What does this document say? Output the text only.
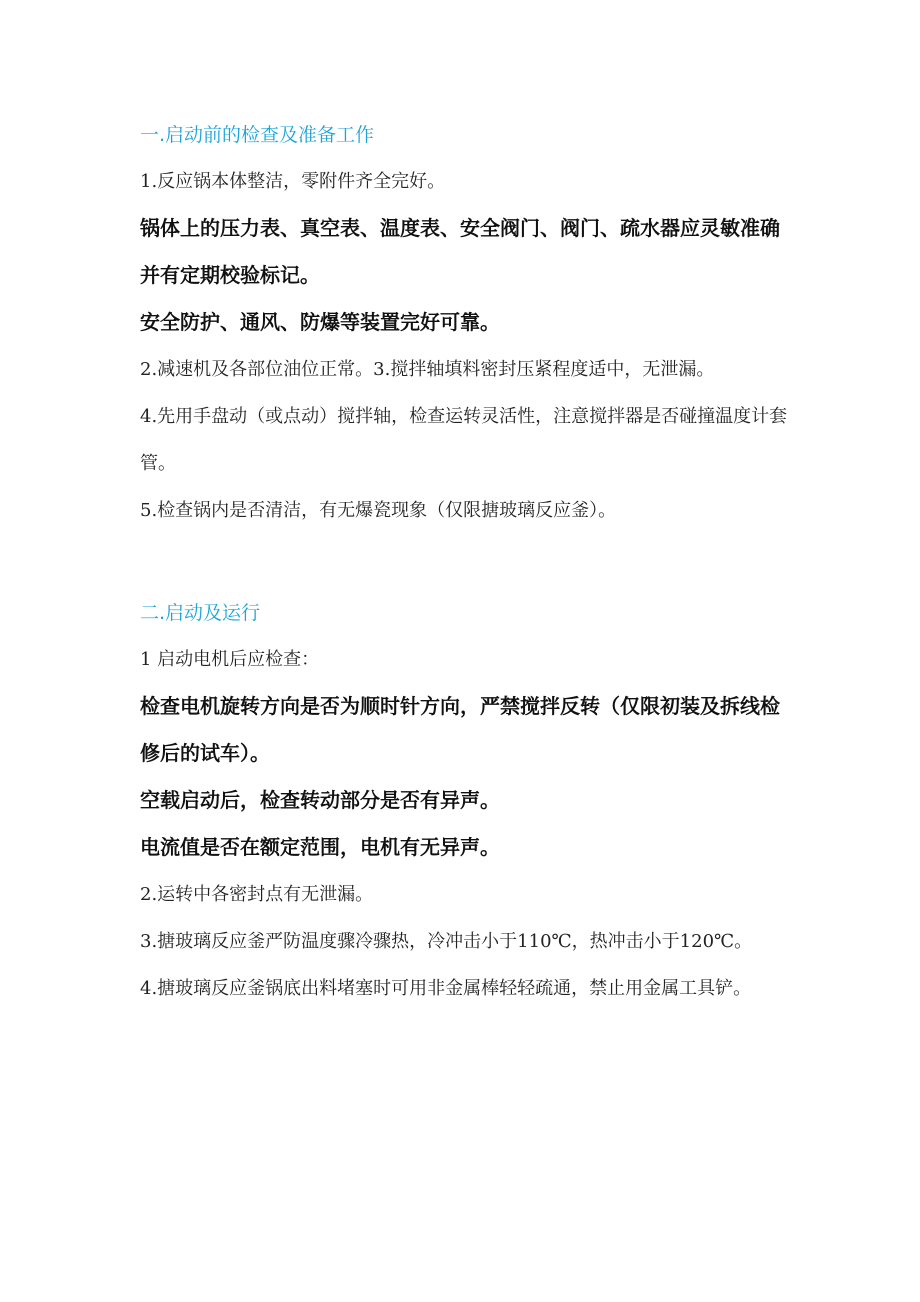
一.启动前的检查及准备工作
1.反应锅本体整洁，零附件齐全完好。
锅体上的压力表、真空表、温度表、安全阀门、阀门、疏水器应灵敏准确并有定期校验标记。
安全防护、通风、防爆等装置完好可靠。
2.减速机及各部位油位正常。3.搅拌轴填料密封压紧程度适中，无泄漏。
4.先用手盘动（或点动）搅拌轴，检查运转灵活性，注意搅拌器是否碰撞温度计套管。
5.检查锅内是否清洁，有无爆瓷现象（仅限搪玻璃反应釜）。
二.启动及运行
1 启动电机后应检查：
检查电机旋转方向是否为顺时针方向，严禁搅拌反转（仅限初装及拆线检修后的试车）。
空载启动后，检查转动部分是否有异声。
电流值是否在额定范围，电机有无异声。
2.运转中各密封点有无泄漏。
3.搪玻璃反应釜严防温度骤冷骤热，冷冲击小于110℃，热冲击小于120℃。
4.搪玻璃反应釜锅底出料堵塞时可用非金属棒轻轻疏通，禁止用金属工具铲。
